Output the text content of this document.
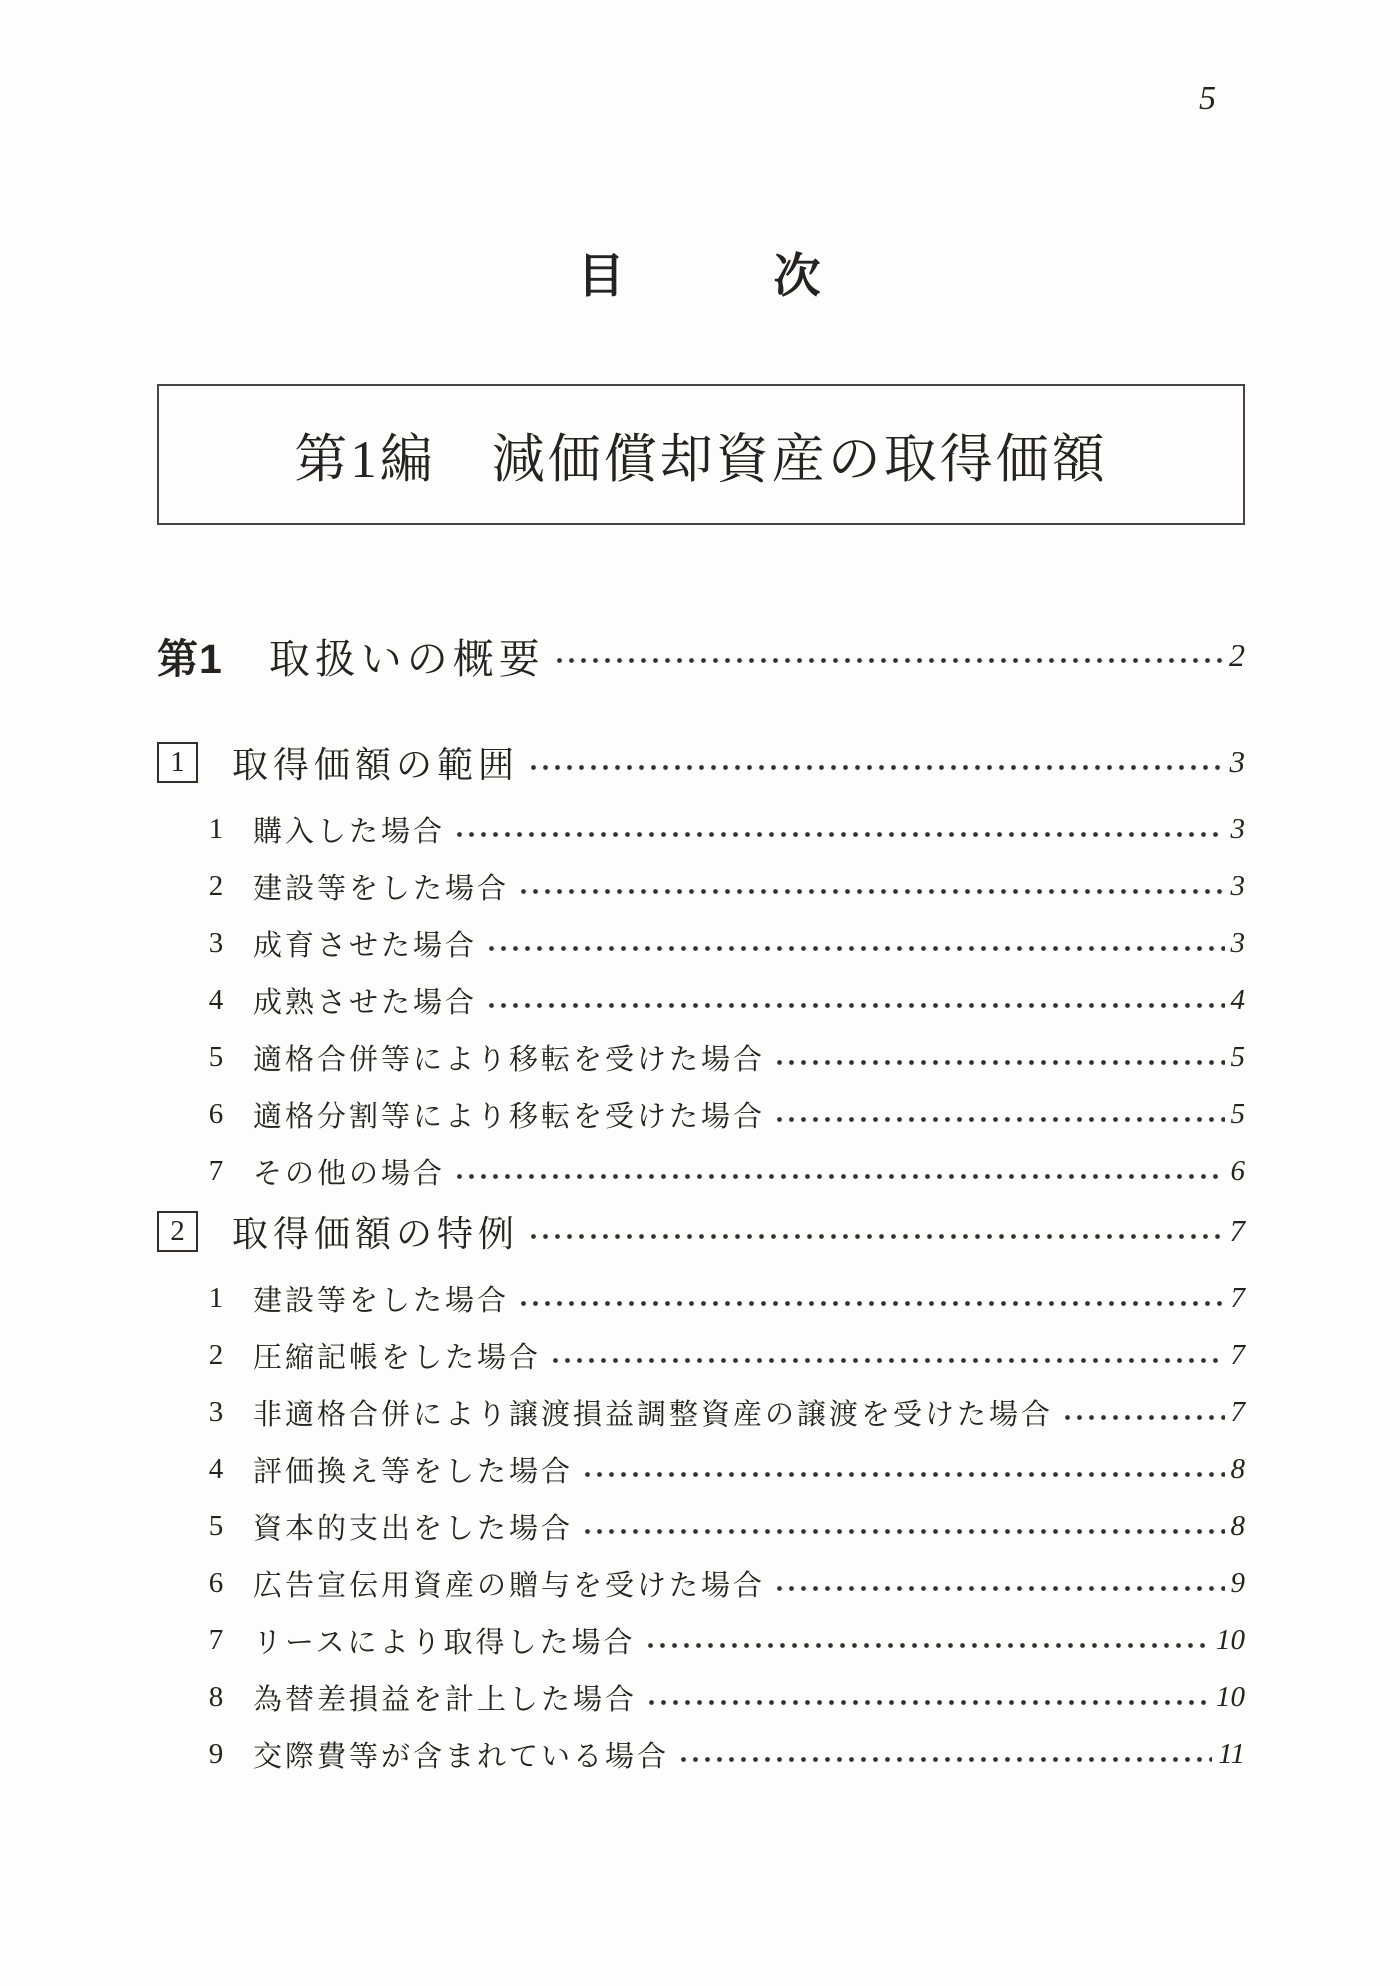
5
目　　　次
第1編　減価償却資産の取得価額
第1 取扱いの概要	2
1	取得価額の範囲	3
1 購入した場合	3
2 建設等をした場合	3
3 成育させた場合	3
4 成熟させた場合	4
5 適格合併等により移転を受けた場合	5
6 適格分割等により移転を受けた場合	5
7 その他の場合	6
2	取得価額の特例	7
1 建設等をした場合	7
2 圧縮記帳をした場合	7
3 非適格合併により譲渡損益調整資産の譲渡を受けた場合	7
4 評価換え等をした場合	8
5 資本的支出をした場合	8
6 広告宣伝用資産の贈与を受けた場合	9
7 リースにより取得した場合	10
8 為替差損益を計上した場合	10
9 交際費等が含まれている場合	11
